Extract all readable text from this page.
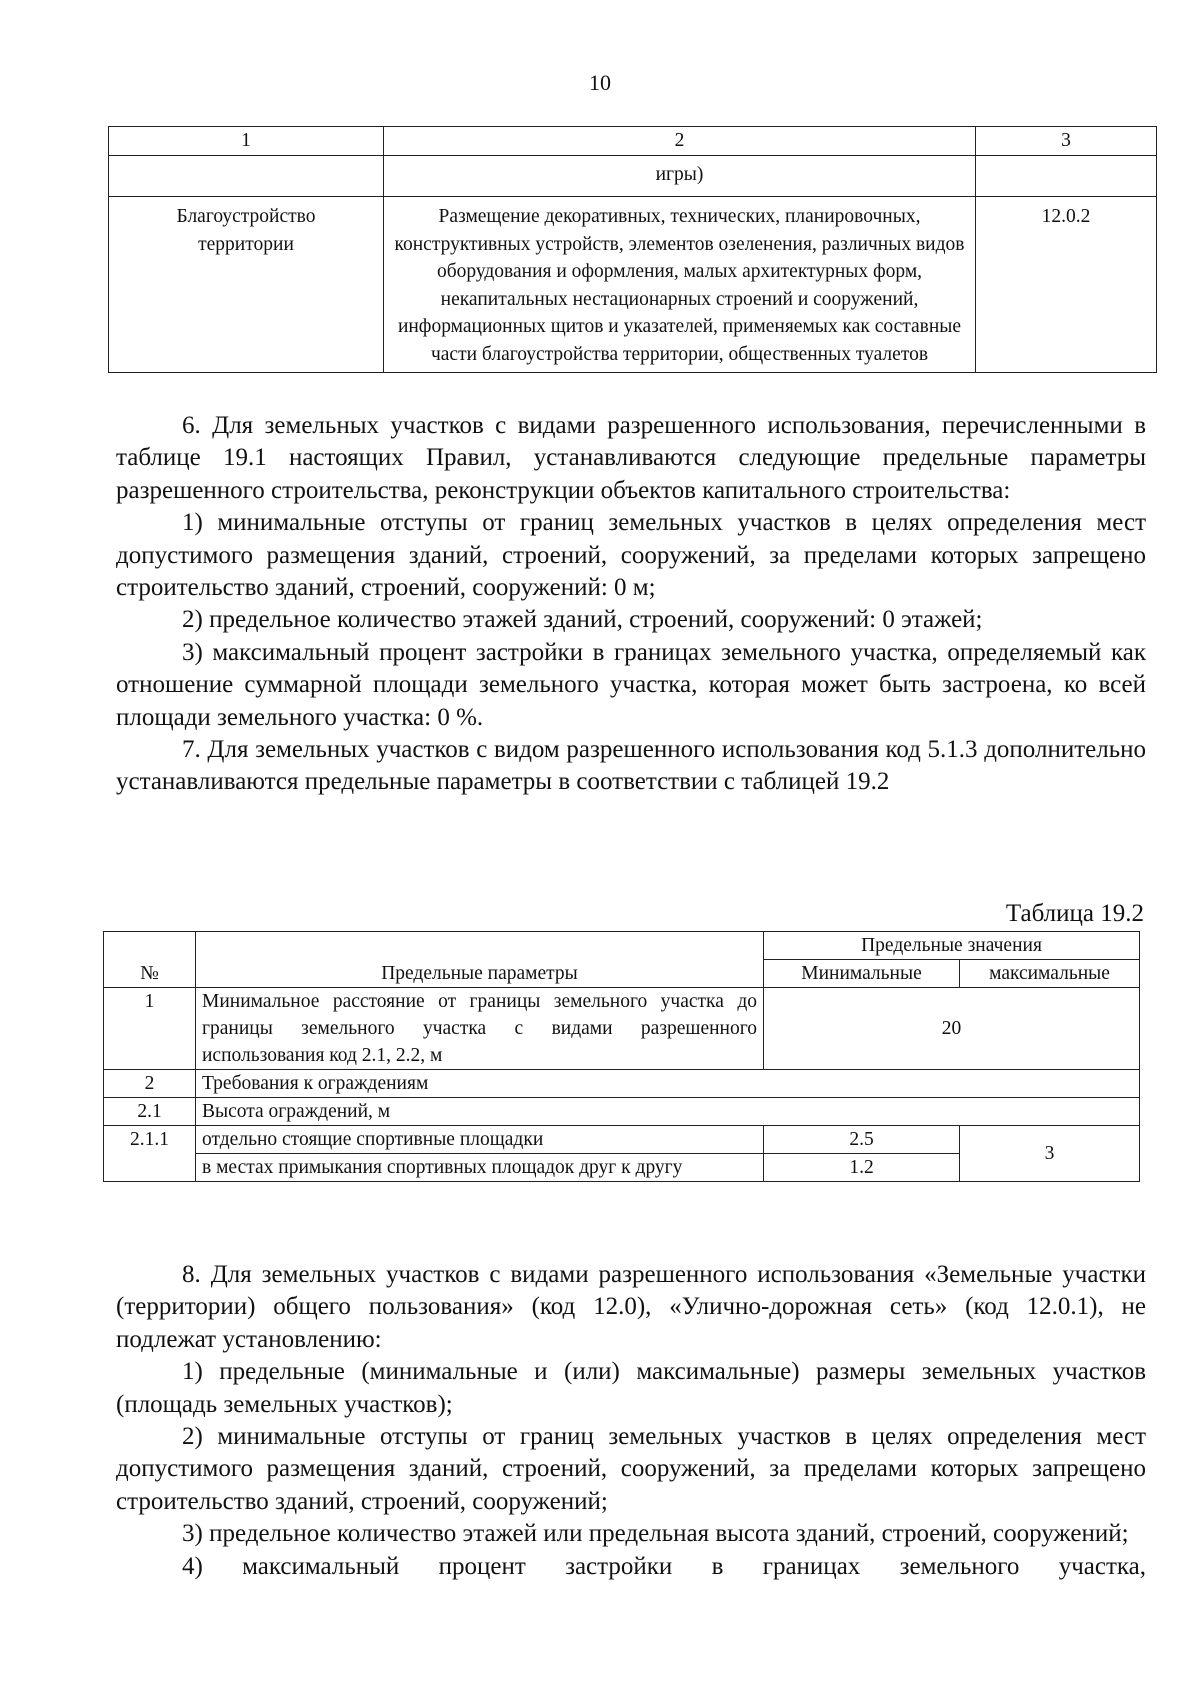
10
1	2	3
	игры)	
Благоустройство территории	Размещение декоративных, технических, планировочных, конструктивных устройств, элементов озеленения, различных видов оборудования и оформления, малых архитектурных форм, некапитальных нестационарных строений и сооружений, информационных щитов и указателей, применяемых как составные части благоустройства территории, общественных туалетов	12.0.2

6. Для земельных участков с видами разрешенного использования, перечисленными в таблице 19.1 настоящих Правил, устанавливаются следующие предельные параметры разрешенного строительства, реконструкции объектов капитального строительства:

1) минимальные отступы от границ земельных участков в целях определения мест допустимого размещения зданий, строений, сооружений, за пределами которых запрещено строительство зданий, строений, сооружений: 0 м;

2) предельное количество этажей зданий, строений, сооружений: 0 этажей;

3) максимальный процент застройки в границах земельного участка, определяемый как отношение суммарной площади земельного участка, которая может быть застроена, ко всей площади земельного участка: 0 %.

7. Для земельных участков с видом разрешенного использования код 5.1.3 дополнительно устанавливаются предельные параметры в соответствии с таблицей 19.2

Таблица 19.2
№	Предельные параметры	Предельные значения	
		Минимальные	максимальные
1	Минимальное расстояние от границы земельного участка до границы земельного участка с видами разрешенного использования код 2.1, 2.2, м	20	
2	Требования к ограждениям		
2.1	Высота ограждений, м		
2.1.1	отдельно стоящие спортивные площадки	2.5	3
	в местах примыкания спортивных площадок друг к другу	1.2	

8. Для земельных участков с видами разрешенного использования «Земельные участки (территории) общего пользования» (код 12.0), «Улично-дорожная сеть» (код 12.0.1), не подлежат установлению:

1) предельные (минимальные и (или) максимальные) размеры земельных участков (площадь земельных участков);

2) минимальные отступы от границ земельных участков в целях определения мест допустимого размещения зданий, строений, сооружений, за пределами которых запрещено строительство зданий, строений, сооружений;

3) предельное количество этажей или предельная высота зданий, строений, сооружений;

4) максимальный процент застройки в границах земельного участка,
